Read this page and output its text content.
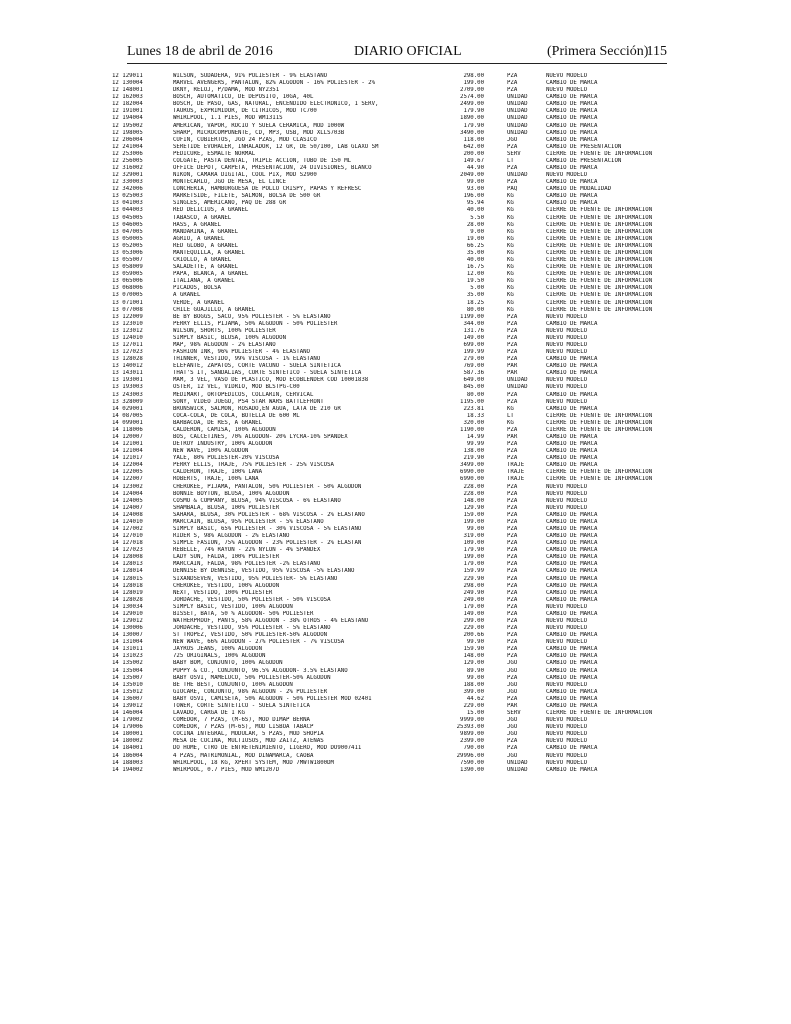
Lunes 18 de abril de 2016	DIARIO OFICIAL	(Primera Sección)
115
12 129011	WILSON, SUDADERA, 91% POLIESTER - 9% ELASTANO	298.00	PZA	NUEVO MODELO
12 130004	MARVEL AVENGERS, PANTALON, 82% ALGODON - 16% POLIESTER - 2%	199.00	PZA	CAMBIO DE MARCA
12 148001	DKNY, RELOJ, P/DAMA, MOD NY2351	2709.00	PZA	NUEVO MODELO
12 162003	BOSCH, AUTOMATICO, DE DEPOSITO, 10GA, 40L	2574.00	UNIDAD	CAMBIO DE MARCA
12 182004	BOSCH, DE PASO, GAS, NATURAL, ENCENDIDO ELECTRONICO, 1 SERV,	2499.00	UNIDAD	CAMBIO DE MARCA
12 191001	TAURUS, EXPRIMIDOR, DE CITRICOS, MOD TC700	179.90	UNIDAD	CAMBIO DE MARCA
12 194004	WHIRLPOOL, 1.1 PIES, MOD WM1311S	1890.00	UNIDAD	CAMBIO DE MARCA
12 195002	AMERICAN, VAPOR, ROCIO Y SUELA CERAMICA, MOD 1000W	179.90	UNIDAD	CAMBIO DE MARCA
12 198005	SHARP, MICROCOMPONENTE, CD, MP3, USB, MOD XLLS703B	3490.00	UNIDAD	CAMBIO DE MARCA
12 206004	CUFIN, CUBIERTOS, JGO 24 PZAS, MOD CLASICO	118.00	JGO	CAMBIO DE MARCA
12 241004	SERETIDE EVOHALER, INHALADOR, 12 GR, DE 50/100, LAB GLAXO SM	642.00	PZA	CAMBIO DE PRESENTACION
12 253006	PEDICURE, ESMALTE NORMAL	200.00	SERV	CIERRE DE FUENTE DE INFORMACION
12 256005	COLGATE, PASTA DENTAL, TRIPLE ACCION, TUBO DE 150 ML	149.67	LT	CAMBIO DE PRESENTACION
12 316002	OFFICE DEPOT, CARPETA, PRESENTACION, 24 DIVISIONES, BLANCO	44.90	PZA	CAMBIO DE MARCA
12 329001	NIKON, CAMARA DIGITAL, COOL PIX, MOD S2900	2049.00	UNIDAD	NUEVO MODELO
12 330003	MONTECARLO, JGO DE MESA, EL LINCE	99.00	PZA	CAMBIO DE MARCA
12 342006	LONCHERIA, HAMBURGUESA DE POLLO CRISPY, PAPAS Y REFRESC	93.00	PAQ	CAMBIO DE MODALIDAD
13 025003	MARKETSIDE, FILETE, SALMON, BOLSA DE 500 GR	196.00	KG	CAMBIO DE MARCA
13 041003	SINGLES, AMERICANO, PAQ DE 288 GR	95.94	KG	CAMBIO DE MARCA
13 044003	RED DELICIUS, A GRANEL	40.00	KG	CIERRE DE FUENTE DE INFORMACION
13 045005	TABASCO, A GRANEL	5.50	KG	CIERRE DE FUENTE DE INFORMACION
13 046005	HASS, A GRANEL	28.00	KG	CIERRE DE FUENTE DE INFORMACION
13 047005	MANDARINA, A GRANEL	9.00	KG	CIERRE DE FUENTE DE INFORMACION
13 050005	AGRIO, A GRANEL	19.00	KG	CIERRE DE FUENTE DE INFORMACION
13 052005	RED GLOBO, A GRANEL	66.25	KG	CIERRE DE FUENTE DE INFORMACION
13 053006	MANTEQUILLA, A GRANEL	35.00	KG	CIERRE DE FUENTE DE INFORMACION
13 055007	CRIOLLO, A GRANEL	40.00	KG	CIERRE DE FUENTE DE INFORMACION
13 058009	SALADETTE, A GRANEL	16.75	KG	CIERRE DE FUENTE DE INFORMACION
13 059005	PAPA, BLANCA, A GRANEL	12.00	KG	CIERRE DE FUENTE DE INFORMACION
13 065006	ITALIANA, A GRANEL	19.50	KG	CIERRE DE FUENTE DE INFORMACION
13 068006	PICADOS, BOLSA	5.00	KG	CIERRE DE FUENTE DE INFORMACION
13 070005	A GRANEL	35.00	KG	CIERRE DE FUENTE DE INFORMACION
13 071001	VERDE, A GRANEL	18.25	KG	CIERRE DE FUENTE DE INFORMACION
13 077008	CHILE GUAJILLO, A GRANEL	80.00	KG	CIERRE DE FUENTE DE INFORMACION
13 122009	BE BY BOGGS, SACO, 95% POLIESTER - 5% ELASTANO	1199.00	PZA	NUEVO MODELO
13 123010	PERRY ELLIS, PIJAMA, 50% ALGODON - 50% POLIESTER	344.00	PZA	CAMBIO DE MARCA
13 123012	WILSON, SHORTS, 100% POLIESTER	131.76	PZA	NUEVO MODELO
13 124010	SIMPLY BASIC, BLUSA, 100% ALGODON	149.00	PZA	NUEVO MODELO
13 127011	MAP, 98% ALGODON - 2% ELASTANO	699.00	PZA	NUEVO MODELO
13 127023	FASHION INK, 96% POLIESTER - 4% ELASTANO	199.99	PZA	NUEVO MODELO
13 128028	THINNER, VESTIDO, 99% VISCOSA - 1% ELASTANO	279.00	PZA	CAMBIO DE MARCA
13 140012	ELEFANTE, ZAPATOS, CORTE VACUNO - SUELA SINTETICA	769.00	PAR	CAMBIO DE MARCA
13 143011	THAT'S IT, SANDALIAS, CORTE SINTETICO - SUELA SINTETICA	587.36	PAR	CAMBIO DE MARCA
13 193001	MAM, 3 VEL, VASO DE PLASTICO, MOD ECOBLENDER COD 10001838	649.00	UNIDAD	NUEVO MODELO
13 193003	OSTER, 12 VEL, VIDRIO, MOD BLSTPG-C00	845.00	UNIDAD	NUEVO MODELO
13 243003	MEDIMART, ORTOPEDICOS, COLLARIN, CERVICAL	80.00	PZA	CAMBIO DE MARCA
13 328009	SONY, VIDEO JUEGO, PS4 STAR WARS BATTLEFRONT	1195.00	PZA	NUEVO MODELO
14 029001	BRUNSWICK, SALMON, ROSADO,EN AGUA, LATA DE 210 GR	223.81	KG	CAMBIO DE MARCA
14 087005	COCA-COLA, DE COLA, BOTELLA DE 600 ML	18.33	LT	CIERRE DE FUENTE DE INFORMACION
14 099001	BARBACOA, DE RES, A GRANEL	320.00	KG	CIERRE DE FUENTE DE INFORMACION
14 118006	CALDERON, CAMISA, 100% ALGODON	1190.00	PZA	CIERRE DE FUENTE DE INFORMACION
14 120007	BOS, CALCETINES, 70% ALGODON- 20% LYCRA-10% SPANDEX	14.99	PAR	CAMBIO DE MARCA
14 121001	DETROY INDUSTRY, 100% ALGODON	99.99	PZA	CAMBIO DE MARCA
14 121004	NEW WAVE, 100% ALGODON	138.00	PZA	CAMBIO DE MARCA
14 121017	YALE, 80% POLIESTER-20% VISCOSA	219.90	PZA	CAMBIO DE MARCA
14 122004	PERRY ELLIS, TRAJE, 75% POLIESTER - 25% VISCOSA	3499.00	TRAJE	CAMBIO DE MARCA
14 122005	CALDERON, TRAJE, 100% LANA	6990.00	TRAJE	CIERRE DE FUENTE DE INFORMACION
14 122007	ROBERTS, TRAJE, 100% LANA	6990.00	TRAJE	CIERRE DE FUENTE DE INFORMACION
14 123002	CHEROKEE, PIJAMA, PANTALON, 50% POLIESTER - 50% ALGODON	228.00	PZA	NUEVO MODELO
14 124004	BONNIE BOYTON, BLUSA, 100% ALGODON	228.00	PZA	NUEVO MODELO
14 124005	COSMO & COMPANY, BLUSA, 94% VISCOSA - 6% ELASTANO	148.00	PZA	NUEVO MODELO
14 124007	SHAMBALA, BLUSA, 100% POLIESTER	129.90	PZA	NUEVO MODELO
14 124008	SAHARA, BLUSA, 30% POLIESTER - 68% VISCOSA - 2% ELASTANO	159.00	PZA	CAMBIO DE MARCA
14 124010	MARCCAIN, BLUSA, 95% POLIESTER - 5% ELASTANO	199.00	PZA	CAMBIO DE MARCA
14 127002	SIMPLY BASIC, 65% POLIESTER - 30% VISCOSA - 5% ELASTANO	99.00	PZA	CAMBIO DE MARCA
14 127010	RIDER S, 98% ALGODON - 2% ELASTANO	319.00	PZA	CAMBIO DE MARCA
14 127018	SIMPLE FASION, 75% ALGODON - 23% POLIESTER - 2% ELASTAN	109.00	PZA	CAMBIO DE MARCA
14 127023	REBELLE, 74% RAYON - 22% NYLON - 4% SPANDEX	179.90	PZA	CAMBIO DE MARCA
14 128008	LADY SUN, FALDA, 100% POLIESTER	199.00	PZA	CAMBIO DE MARCA
14 128013	MARCCAIN, FALDA, 98% POLIESTER -2% ELASTANO	179.00	PZA	CAMBIO DE MARCA
14 128014	DENNISE BY DENNISE, VESTIDO, 95% VISCOSA -5% ELASTANO	159.99	PZA	CAMBIO DE MARCA
14 128015	SIXANDSEVEN, VESTIDO, 95% POLIESTER- 5% ELASTANO	229.90	PZA	CAMBIO DE MARCA
14 128018	CHEROKEE, VESTIDO, 100% ALGODON	298.00	PZA	CAMBIO DE MARCA
14 128019	NEXT, VESTIDO, 100% POLIESTER	249.90	PZA	CAMBIO DE MARCA
14 128028	JORDACHE, VESTIDO, 50% POLIESTER - 50% VISCOSA	249.00	PZA	CAMBIO DE MARCA
14 130034	SIMPLY BASIC, VESTIDO, 100% ALGODON	179.00	PZA	NUEVO MODELO
14 129010	BISSET, BATA, 50 % ALGODON- 50% POLIESTER	149.00	PZA	CAMBIO DE MARCA
14 129012	WATHERPROOF, PANTS, 58% ALGODON - 38% OTROS - 4% ELASTANO	299.00	PZA	NUEVO MODELO
14 130006	JORDACHE, VESTIDO, 95% POLIESTER - 5% ELASTANO	229.00	PZA	NUEVO MODELO
14 130007	ST TROPEZ, VESTIDO, 50% POLIESTER-50% ALGODON	200.66	PZA	CAMBIO DE MARCA
14 131004	NEW WAVE, 66% ALGODON - 27% POLIESTER - 7% VISCOSA	99.90	PZA	NUEVO MODELO
14 131011	JAYROS JEANS, 100% ALGODON	159.90	PZA	CAMBIO DE MARCA
14 131023	725 ORIGINALS, 100% ALGODON	148.00	PZA	CAMBIO DE MARCA
14 135002	BABY BOM, CONJUNTO, 100% ALGODON	129.00	JGO	CAMBIO DE MARCA
14 135004	PUPPY & CO., CONJUNTO, 96.5% ALGODON- 3.5% ELASTANO	89.90	JGO	CAMBIO DE MARCA
14 135007	BABY OSVI, MAMELUCO, 50% POLIESTER-50% ALGODON	99.00	PZA	CAMBIO DE MARCA
14 135010	BE THE BEST, CONJUNTO, 100% ALGODON	188.00	JGO	NUEVO MODELO
14 135012	GIOCARE, CONJUNTO, 98% ALGODON - 2% POLIESTER	399.00	JGO	CAMBIO DE MARCA
14 136007	BABY OSVI, CAMISETA, 50% ALGODON - 50% POLIESTER MOD 02401	44.62	PZA	CAMBIO DE MARCA
14 139012	TOWER, CORTE SINTETICO - SUELA SINTETICA	229.00	PAR	CAMBIO DE MARCA
14 146004	LAVADO, CARGA DE 1 KG	15.00	SERV	CIERRE DE FUENTE DE INFORMACION
14 179002	COMEDOR, 7 PZAS, (M-6S), MOD DIMAP BERNA	9999.00	JGO	NUEVO MODELO
14 179006	COMEDOR, 7 PZAS (M-6S), MOD LISBOA TABACP	25393.00	JGO	NUEVO MODELO
14 180001	COCINA INTEGRAL, MODULAR, 5 PZAS, MOD SHOPIA	9899.00	JGO	NUEVO MODELO
14 180002	MESA DE COCINA, MULTIUSOS, MOD ZAITZ, ATENAS	2399.00	PZA	NUEVO MODELO
14 184001	DO HOME, CTRO DE ENTRETENIMIENTO, LIGERO, MOD DO9007411	790.00	PZA	CAMBIO DE MARCA
14 186004	4 PZAS, MATRIMONIAL, MOD DINAMARCA, CAOBA	29996.00	JGO	NUEVO MODELO
14 188003	WHIRLPOOL, 18 KG, XPERT SYSTEM, MOD 7MWTW1800DM	7590.00	UNIDAD	NUEVO MODELO
14 194002	WHIRPOOL, 0.7 PIES, MOD WM1207D	1390.00	UNIDAD	CAMBIO DE MARCA
